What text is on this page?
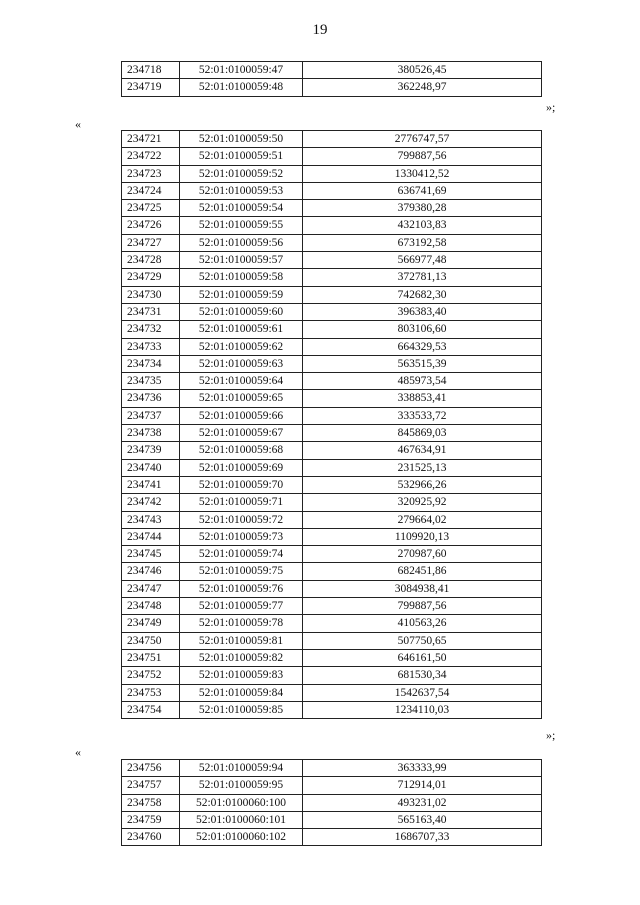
19
234718	52:01:0100059:47	380526,45
234719	52:01:0100059:48	362248,97
»;
«
234721	52:01:0100059:50	2776747,57
234722	52:01:0100059:51	799887,56
234723	52:01:0100059:52	1330412,52
234724	52:01:0100059:53	636741,69
234725	52:01:0100059:54	379380,28
234726	52:01:0100059:55	432103,83
234727	52:01:0100059:56	673192,58
234728	52:01:0100059:57	566977,48
234729	52:01:0100059:58	372781,13
234730	52:01:0100059:59	742682,30
234731	52:01:0100059:60	396383,40
234732	52:01:0100059:61	803106,60
234733	52:01:0100059:62	664329,53
234734	52:01:0100059:63	563515,39
234735	52:01:0100059:64	485973,54
234736	52:01:0100059:65	338853,41
234737	52:01:0100059:66	333533,72
234738	52:01:0100059:67	845869,03
234739	52:01:0100059:68	467634,91
234740	52:01:0100059:69	231525,13
234741	52:01:0100059:70	532966,26
234742	52:01:0100059:71	320925,92
234743	52:01:0100059:72	279664,02
234744	52:01:0100059:73	1109920,13
234745	52:01:0100059:74	270987,60
234746	52:01:0100059:75	682451,86
234747	52:01:0100059:76	3084938,41
234748	52:01:0100059:77	799887,56
234749	52:01:0100059:78	410563,26
234750	52:01:0100059:81	507750,65
234751	52:01:0100059:82	646161,50
234752	52:01:0100059:83	681530,34
234753	52:01:0100059:84	1542637,54
234754	52:01:0100059:85	1234110,03
»;
«
234756	52:01:0100059:94	363333,99
234757	52:01:0100059:95	712914,01
234758	52:01:0100060:100	493231,02
234759	52:01:0100060:101	565163,40
234760	52:01:0100060:102	1686707,33
